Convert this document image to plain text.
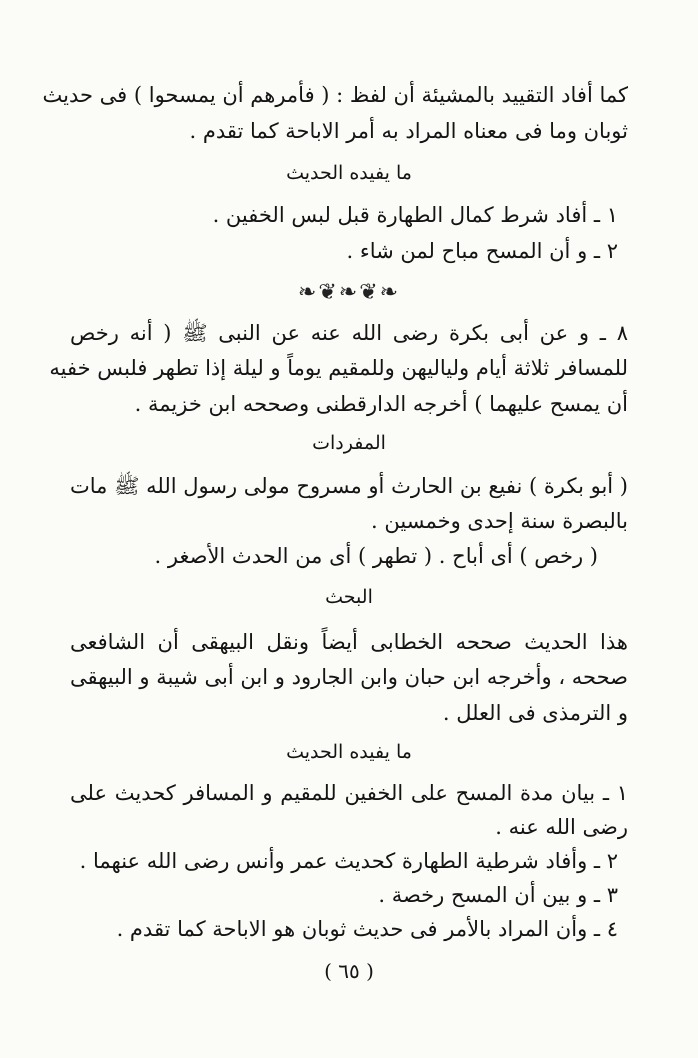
كما أفاد التقييد بالمشيئة أن لفظ : ( فأمرهم أن يمسحوا ) فى حديث
ثوبان وما فى معناه المراد به أمر الاباحة كما تقدم .
ما يفيده الحديث
١ ـ أفاد شرط كمال الطهارة قبل لبس الخفين .
٢ ـ و أن المسح مباح لمن شاء .
❧❦❧❦❧
٨ ـ و عن أبى بكرة رضى الله عنه عن النبى ﷺ ( أنه رخص
للمسافر ثلاثة أيام ولياليهن وللمقيم يوماً و ليلة إذا تطهر فلبس خفيه
أن يمسح عليهما ) أخرجه الدارقطنى وصححه ابن خزيمة .
المفردات
( أبو بكرة ) نفيع بن الحارث أو مسروح مولى رسول الله ﷺ مات
بالبصرة سنة إحدى وخمسين .
( رخص ) أى أباح . ( تطهر ) أى من الحدث الأصغر .
البحث
هذا الحديث صححه الخطابى أيضاً ونقل البيهقى أن الشافعى
صححه ، وأخرجه ابن حبان وابن الجارود و ابن أبى شيبة و البيهقى
و الترمذى فى العلل .
ما يفيده الحديث
١ ـ بيان مدة المسح على الخفين للمقيم و المسافر كحديث على
رضى الله عنه .
٢ ـ وأفاد شرطية الطهارة كحديث عمر وأنس رضى الله عنهما .
٣ ـ و بين أن المسح رخصة .
٤ ـ وأن المراد بالأمر فى حديث ثوبان هو الاباحة كما تقدم .
( ٦٥ )
